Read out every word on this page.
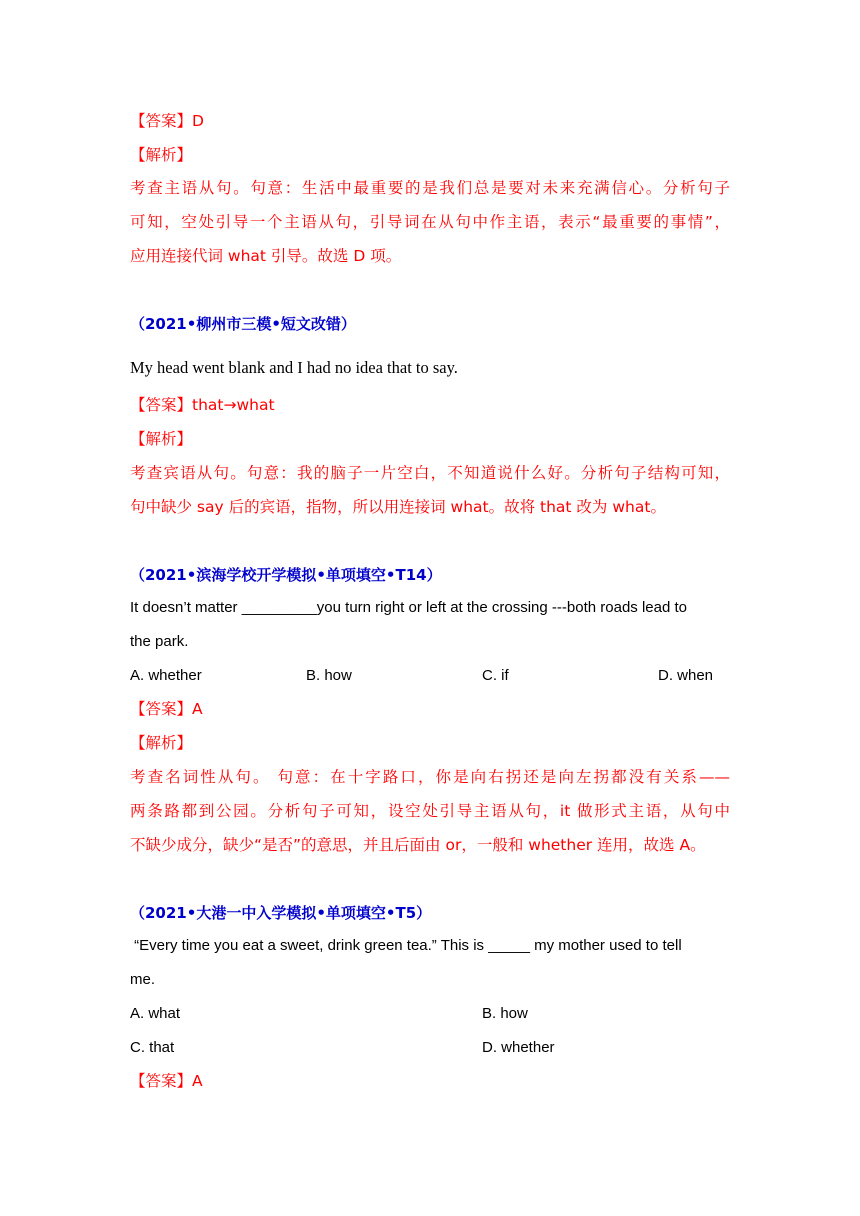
【答案】D
【解析】
考查主语从句。句意：生活中最重要的是我们总是要对未来充满信心。分析句子
可知，空处引导一个主语从句，引导词在从句中作主语，表示“最重要的事情”，
应用连接代词 what 引导。故选 D 项。
（2021•柳州市三模•短文改错）
My head went blank and I had no idea that to say.
【答案】that→what
【解析】
考查宾语从句。句意：我的脑子一片空白，不知道说什么好。分析句子结构可知，
句中缺少 say 后的宾语，指物，所以用连接词 what。故将 that 改为 what。
（2021•滨海学校开学模拟•单项填空•T14）
It doesn’t matter _________you turn right or left at the crossing ---both roads lead to
the park.
A. whether	B. how	C. if	D. when
【答案】A
【解析】
考查名词性从句。 句意：在十字路口，你是向右拐还是向左拐都没有关系——
两条路都到公园。分析句子可知，设空处引导主语从句，it 做形式主语，从句中
不缺少成分，缺少“是否”的意思，并且后面由 or，一般和 whether 连用，故选 A。
（2021•大港一中入学模拟•单项填空•T5）
“Every time you eat a sweet, drink green tea.” This is _____ my mother used to tell
me.
A. what	B. how
C. that	D. whether
【答案】A
